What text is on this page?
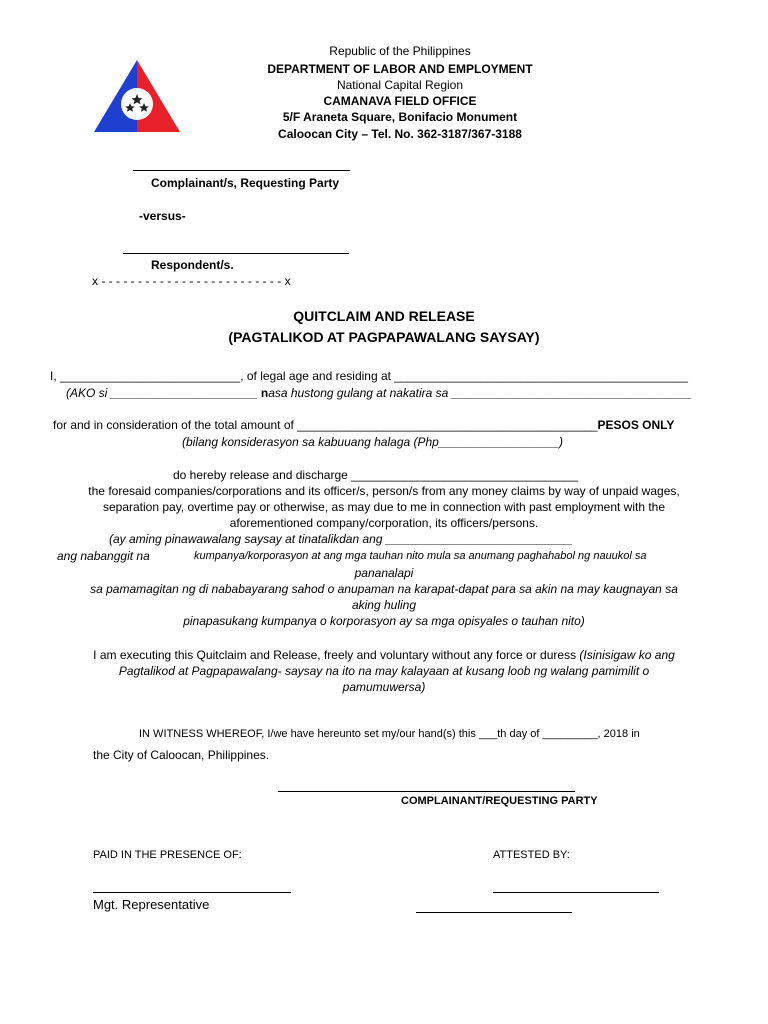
Republic of the Philippines
DEPARTMENT OF LABOR AND EMPLOYMENT
National Capital Region
CAMANAVA FIELD OFFICE
5/F Araneta Square, Bonifacio Monument
Caloocan City – Tel. No. 362-3187/367-3188
Complainant/s, Requesting Party
-versus-
Respondent/s.
x - - - - - - - - - - - - - - - - - - - - - - - - - x
QUITCLAIM AND RELEASE
(PAGTALIKOD AT PAGPAPAWALANG SAYSAY)
I, ___________________________, of legal age and residing at ____________________________________________
(AKO si ______________________ nasa hustong gulang at nakatira sa ____________________________________
for and in consideration of the total amount of _____________________________________________PESOS ONLY
(bilang konsiderasyon sa kabuuang halaga (Php__________________)
do hereby release and discharge __________________________________
the foresaid companies/corporations and its officer/s, person/s from any money claims by way of unpaid wages,
separation pay, overtime pay or otherwise, as may due to me in connection with past employment with the
aforementioned company/corporation, its officers/persons.
(ay aming pinawawalang saysay at tinatalikdan ang ____________________________
ang nabanggit na	kumpanya/korporasyon at ang mga tauhan nito mula sa anumang paghahabol ng nauukol sa
pananalapi
sa pamamagitan ng di nababayarang sahod o anupaman na karapat-dapat para sa akin na may kaugnayan sa
aking huling
pinapasukang kumpanya o korporasyon ay sa mga opisyales o tauhan nito)
I am executing this Quitclaim and Release, freely and voluntary without any force or duress (Isinisigaw ko ang
Pagtalikod at Pagpapawalang- saysay na ito na may kalayaan at kusang loob ng walang pamimilit o
pamumuwersa)
IN WITNESS WHEREOF, I/we have hereunto set my/our hand(s) this ___th day of _________, 2018 in
the City of Caloocan, Philippines.
COMPLAINANT/REQUESTING PARTY
PAID IN THE PRESENCE OF:	ATTESTED BY:
Mgt. Representative
